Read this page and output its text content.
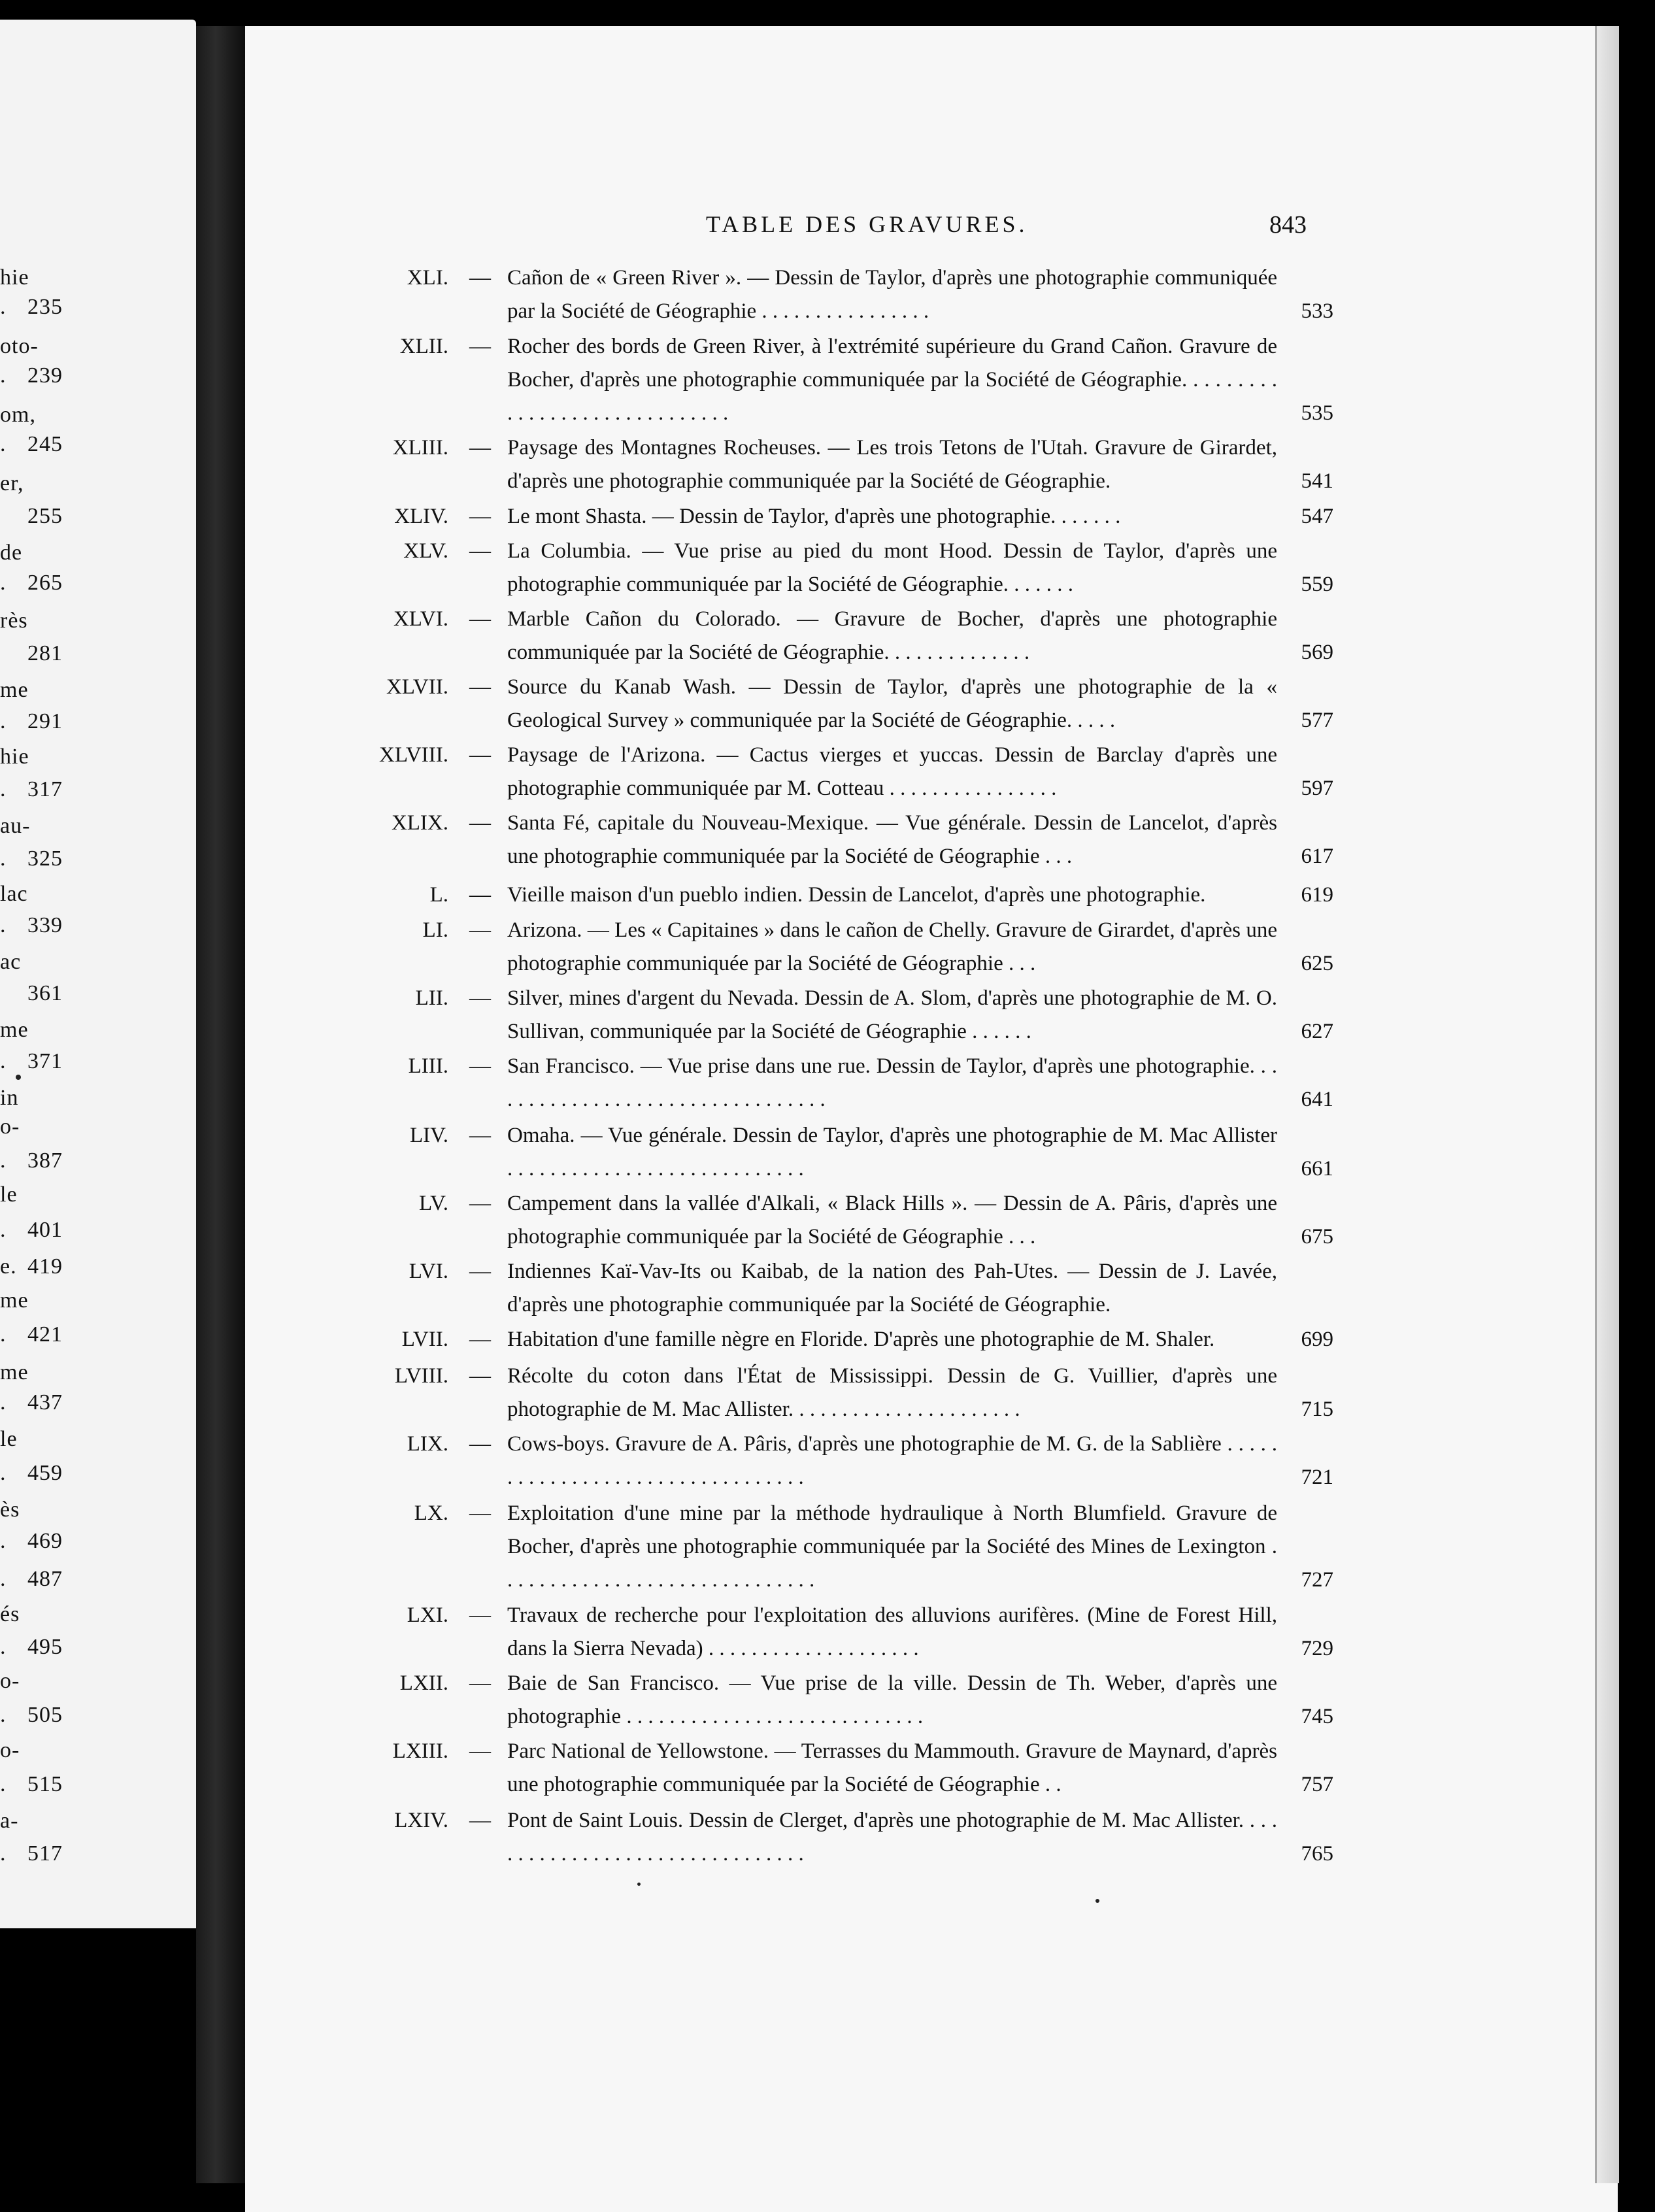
hie
. 235
oto-
. 239
om,
. 245
er,
255
de
. 265
rès
281
me
. 291
hie
. 317
au-
. 325
lac
. 339
ac
361
me
. 371
in
o-
. 387
le
. 401
e. 419
me
. 421
me
. 437
le
. 459
ès
. 469
. 487
és
. 495
o-
. 505
o-
. 515
a-
. 517
TABLE DES GRAVURES.	843
XLI. — Cañon de « Green River ». — Dessin de Taylor, d'après une photographie communiquée par la Société de Géographie . . . . . . . . . . . . . . . .	533
XLII. — Rocher des bords de Green River, à l'extrémité supérieure du Grand Cañon. Gravure de Bocher, d'après une photographie communiquée par la Société de Géographie. . . . . . . . . . . . . . . . . . . . . . . . . . . . . .	535
XLIII. — Paysage des Montagnes Rocheuses. — Les trois Tetons de l'Utah. Gravure de Girardet, d'après une photographie communiquée par la Société de Géographie.	541
XLIV. — Le mont Shasta. — Dessin de Taylor, d'après une photographie. . . . . . .	547
XLV. — La Columbia. — Vue prise au pied du mont Hood. Dessin de Taylor, d'après une photographie communiquée par la Société de Géographie. . . . . . .	559
XLVI. — Marble Cañon du Colorado. — Gravure de Bocher, d'après une photographie communiquée par la Société de Géographie. . . . . . . . . . . . . .	569
XLVII. — Source du Kanab Wash. — Dessin de Taylor, d'après une photographie de la « Geological Survey » communiquée par la Société de Géographie. . . . .	577
XLVIII. — Paysage de l'Arizona. — Cactus vierges et yuccas. Dessin de Barclay d'après une photographie communiquée par M. Cotteau . . . . . . . . . . . . . . . .	597
XLIX. — Santa Fé, capitale du Nouveau-Mexique. — Vue générale. Dessin de Lancelot, d'après une photographie communiquée par la Société de Géographie . . .	617
L. — Vieille maison d'un pueblo indien. Dessin de Lancelot, d'après une photographie.	619
LI. — Arizona. — Les « Capitaines » dans le cañon de Chelly. Gravure de Girardet, d'après une photographie communiquée par la Société de Géographie . . .	625
LII. — Silver, mines d'argent du Nevada. Dessin de A. Slom, d'après une photographie de M. O. Sullivan, communiquée par la Société de Géographie . . . . . .	627
LIII. — San Francisco. — Vue prise dans une rue. Dessin de Taylor, d'après une photographie. . . . . . . . . . . . . . . . . . . . . . . . . . . . . . . . .	641
LIV. — Omaha. — Vue générale. Dessin de Taylor, d'après une photographie de M. Mac Allister . . . . . . . . . . . . . . . . . . . . . . . . . . . .	661
LV. — Campement dans la vallée d'Alkali, « Black Hills ». — Dessin de A. Pâris, d'après une photographie communiquée par la Société de Géographie . . .	675
LVI. — Indiennes Kaï-Vav-Its ou Kaibab, de la nation des Pah-Utes. — Dessin de J. Lavée, d'après une photographie communiquée par la Société de Géographie.
LVII. — Habitation d'une famille nègre en Floride. D'après une photographie de M. Shaler.	699
LVIII. — Récolte du coton dans l'État de Mississippi. Dessin de G. Vuillier, d'après une photographie de M. Mac Allister. . . . . . . . . . . . . . . . . . . . . .	715
LIX. — Cows-boys. Gravure de A. Pâris, d'après une photographie de M. G. de la Sablière . . . . . . . . . . . . . . . . . . . . . . . . . . . . . . . . .	721
LX. — Exploitation d'une mine par la méthode hydraulique à North Blumfield. Gravure de Bocher, d'après une photographie communiquée par la Société des Mines de Lexington . . . . . . . . . . . . . . . . . . . . . . . . . . . . . .	727
LXI. — Travaux de recherche pour l'exploitation des alluvions aurifères. (Mine de Forest Hill, dans la Sierra Nevada) . . . . . . . . . . . . . . . . . . . .	729
LXII. — Baie de San Francisco. — Vue prise de la ville. Dessin de Th. Weber, d'après une photographie . . . . . . . . . . . . . . . . . . . . . . . . . . . .	745
LXIII. — Parc National de Yellowstone. — Terrasses du Mammouth. Gravure de Maynard, d'après une photographie communiquée par la Société de Géographie . .	757
LXIV. — Pont de Saint Louis. Dessin de Clerget, d'après une photographie de M. Mac Allister. . . . . . . . . . . . . . . . . . . . . . . . . . . . . . . .	765
